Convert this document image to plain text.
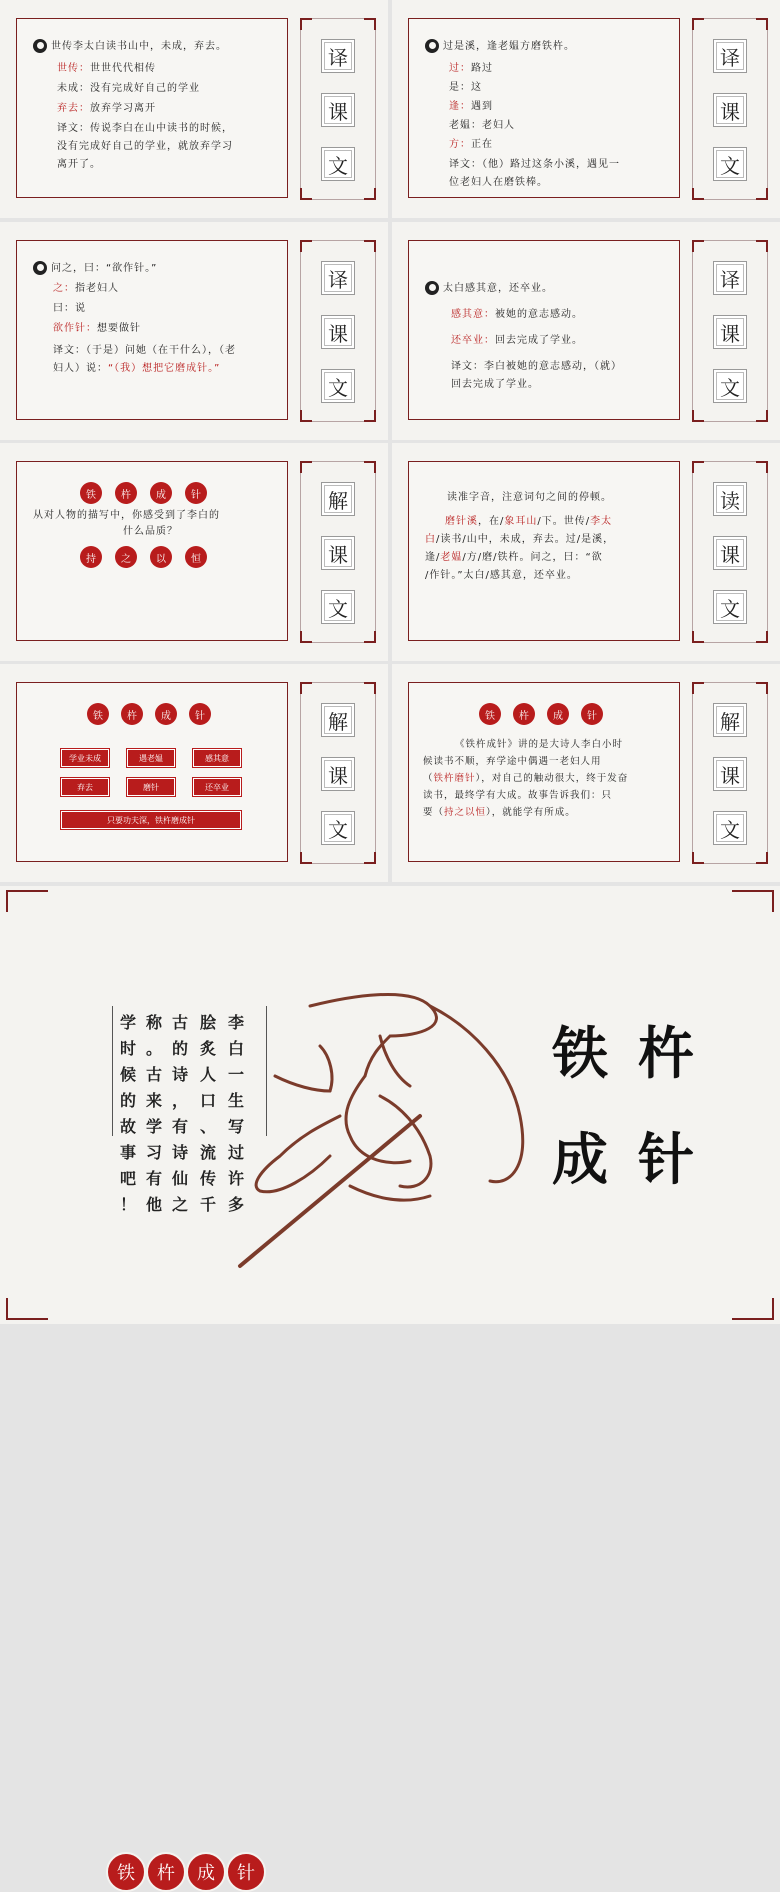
世传李太白读书山中，未成，弃去。
世传：世世代代相传
未成：没有完成好自己的学业
弃去：放弃学习离开
译文：传说李白在山中读书的时候，
没有完成好自己的学业，就放弃学习
离开了。
译
课
文
过是溪，逢老媪方磨铁杵。
过：路过
是：这
逢：遇到
老媪：老妇人
方：正在
译文：（他）路过这条小溪，遇见一
位老妇人在磨铁棒。
译
课
文
问之，曰：“欲作针。”
之：指老妇人
曰：说
欲作针：想要做针
译文：（于是）问她（在干什么），（老
妇人）说：“（我）想把它磨成针。”
译
课
文
太白感其意，还卒业。
感其意：被她的意志感动。
还卒业：回去完成了学业。
译文：李白被她的意志感动，（就）
回去完成了学业。
译
课
文
铁	杵	成	针
从对人物的描写中，你感受到了李白的
什么品质？
持	之	以	恒
解
课
文
读准字音，注意词句之间的停顿。
磨针溪，在/象耳山/下。世传/李太
白/读书/山中，未成，弃去。过/是溪，
逢/老媪/方/磨/铁杵。问之，曰：“欲
/作针。”太白/感其意，还卒业。
读
课
文
铁	杵	成	针
学业未成	遇老媪	感其意
弃去	磨针	还卒业
只要功夫深，铁杵磨成针
解
课
文
铁	杵	成	针
《铁杵成针》讲的是大诗人李白小时
候读书不顺，弃学途中偶遇一老妇人用
（铁杵磨针），对自己的触动很大，终于发奋
读书，最终学有大成。故事告诉我们：只
要（持之以恒），就能学有所成。
解
课
文
铁	杵	成	针
李
白
一
生
写
过
许
多
脍
炙
人
口
、
流
传
千
古
的
诗
，
有
诗
仙
之
称
。
古
来
学
习
有
他
学
时
候
的
故
事
吧
！
铁杵
成针
